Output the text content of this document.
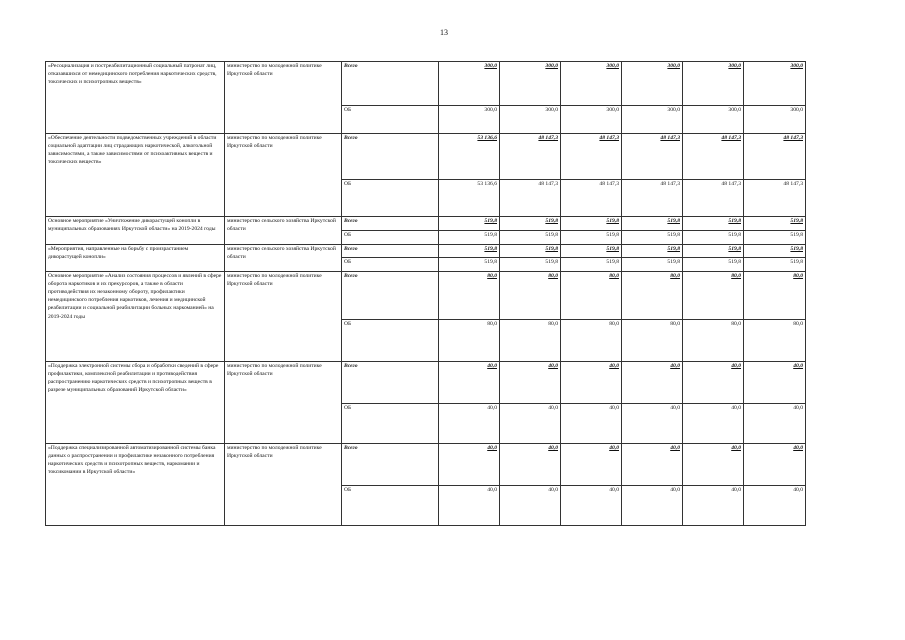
13
«Ресоциализация и постреабилитационный социальный патронат лиц, отказавшихся от немедицинского потребления наркотических средств, токсических и психотропных веществ»	министерство по молодежной политике Иркутской области	Всего	300,0	300,0	300,0	300,0	300,0	300,0
		ОБ	300,0	300,0	300,0	300,0	300,0	300,0
«Обеспечение деятельности подведомственных учреждений в области социальной адаптации лиц страдающих наркотической, алкогольной зависимостями, а также зависимостями от психоактивных веществ и токсических веществ»	министерство по молодежной политике Иркутской области	Всего	53 136,6	48 147,3	48 147,3	48 147,3	48 147,3	48 147,3
		ОБ	53 136,6	48 147,3	48 147,3	48 147,3	48 147,3	48 147,3
Основное мероприятие «Уничтожение дикорастущей конопли в муниципальных образованиях Иркутской области» на 2019-2024 годы	министерство сельского хозяйства Иркутской области	Всего	519,8	519,8	519,8	519,8	519,8	519,8
		ОБ	519,8	519,8	519,8	519,8	519,8	519,8
«Мероприятия, направленные на борьбу с произрастанием дикорастущей конопли»	министерство сельского хозяйства Иркутской области	Всего	519,8	519,8	519,8	519,8	519,8	519,8
		ОБ	519,8	519,8	519,8	519,8	519,8	519,8
Основное мероприятие «Анализ состояния процессов и явлений в сфере оборота наркотиков и их прекурсоров, а также в области противодействия их незаконному обороту, профилактики немедицинского потребления наркотиков, лечения и медицинской реабилитации и социальной реабилитации больных наркоманией» на 2019-2024 годы	министерство по молодежной политике Иркутской области	Всего	80,0	80,0	80,0	80,0	80,0	80,0
		ОБ	80,0	80,0	80,0	80,0	80,0	80,0
«Поддержка электронной системы сбора и обработки сведений в сфере профилактики, комплексной реабилитации и противодействия распространению наркотических средств и психотропных веществ в разрезе муниципальных образований Иркутской области»	министерство по молодежной политике Иркутской области	Всего	40,0	40,0	40,0	40,0	40,0	40,0
		ОБ	40,0	40,0	40,0	40,0	40,0	40,0
«Поддержка специализированной автоматизированной системы банка данных о распространении и профилактике незаконного потребления наркотических средств и психотропных веществ, наркомании и токсикомании в Иркутской области»	министерство по молодежной политике Иркутской области	Всего	40,0	40,0	40,0	40,0	40,0	40,0
		ОБ	40,0	40,0	40,0	40,0	40,0	40,0
